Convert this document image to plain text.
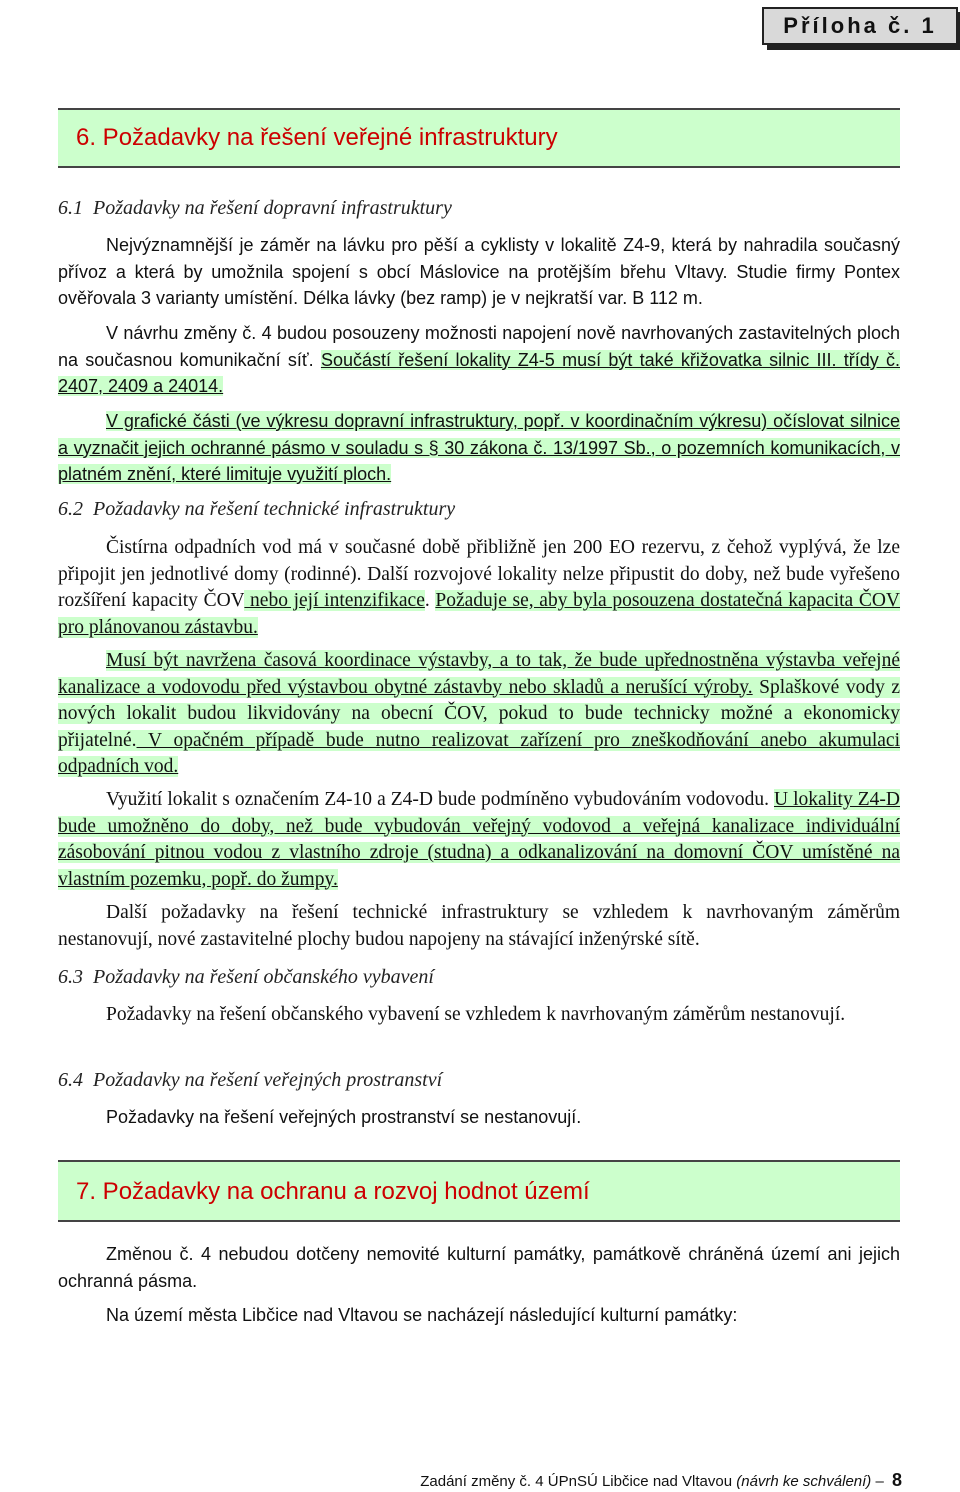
Příloha č. 1
6. Požadavky na řešení veřejné infrastruktury
6.1 Požadavky na řešení dopravní infrastruktury

Nejvýznamnější je záměr na lávku pro pěší a cyklisty v lokalitě Z4-9, která by nahradila současný přívoz a která by umožnila spojení s obcí Máslovice na protějším břehu Vltavy. Studie firmy Pontex ověřovala 3 varianty umístění. Délka lávky (bez ramp) je v nejkratší var. B 112 m.

V návrhu změny č. 4 budou posouzeny možnosti napojení nově navrhovaných zastavitelných ploch na současnou komunikační síť. Součástí řešení lokality Z4-5 musí být také křižovatka silnic III. třídy č. 2407, 2409 a 24014.

V grafické části (ve výkresu dopravní infrastruktury, popř. v koordinačním výkresu) očíslovat silnice a vyznačit jejich ochranné pásmo v souladu s § 30 zákona č. 13/1997 Sb., o pozemních komunikacích, v platném znění, které limituje využití ploch.

6.2 Požadavky na řešení technické infrastruktury

Čistírna odpadních vod má v současné době přibližně jen 200 EO rezervu, z čehož vyplývá, že lze připojit jen jednotlivé domy (rodinné). Další rozvojové lokality nelze připustit do doby, než bude vyřešeno rozšíření kapacity ČOV nebo její intenzifikace. Požaduje se, aby byla posouzena dostatečná kapacita ČOV pro plánovanou zástavbu.

Musí být navržena časová koordinace výstavby, a to tak, že bude upřednostněna výstavba veřejné kanalizace a vodovodu před výstavbou obytné zástavby nebo skladů a nerušící výroby. Splaškové vody z nových lokalit budou likvidovány na obecní ČOV, pokud to bude technicky možné a ekonomicky přijatelné. V opačném případě bude nutno realizovat zařízení pro zneškodňování anebo akumulaci odpadních vod.

Využití lokalit s označením Z4-10 a Z4-D bude podmíněno vybudováním vodovodu. U lokality Z4-D bude umožněno do doby, než bude vybudován veřejný vodovod a veřejná kanalizace individuální zásobování pitnou vodou z vlastního zdroje (studna) a odkanalizování na domovní ČOV umístěné na vlastním pozemku, popř. do žumpy.

Další požadavky na řešení technické infrastruktury se vzhledem k navrhovaným záměrům nestanovují, nové zastavitelné plochy budou napojeny na stávající inženýrské sítě.

6.3 Požadavky na řešení občanského vybavení

Požadavky na řešení občanského vybavení se vzhledem k navrhovaným záměrům nestanovují.

6.4 Požadavky na řešení veřejných prostranství

Požadavky na řešení veřejných prostranství se nestanovují.

7. Požadavky na ochranu a rozvoj hodnot území

Změnou č. 4 nebudou dotčeny nemovité kulturní památky, památkově chráněná území ani jejich ochranná pásma.

Na území města Libčice nad Vltavou se nacházejí následující kulturní památky:

Zadání změny č. 4 ÚPnSÚ Libčice nad Vltavou (návrh ke schválení) – 8
